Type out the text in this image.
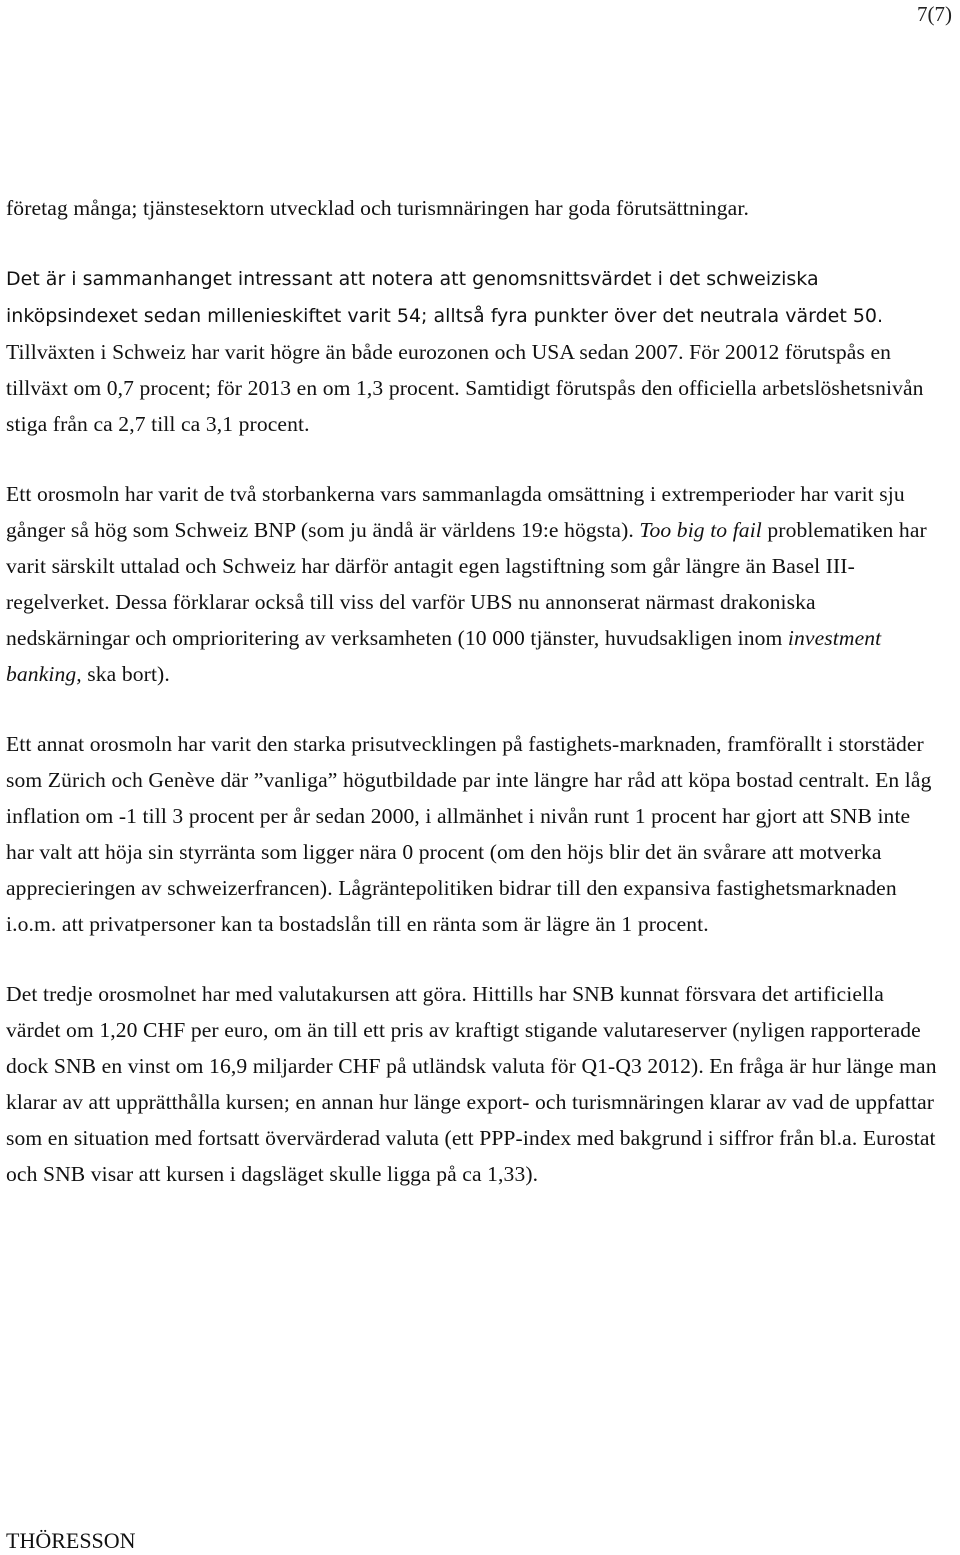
7(7)

företag många; tjänstesektorn utvecklad och turismnäringen har goda förutsättningar.

Det är i sammanhanget intressant att notera att genomsnittsvärdet i det schweiziska inköpsindexet sedan millenieskiftet varit 54; alltså fyra punkter över det neutrala värdet 50. Tillväxten i Schweiz har varit högre än både eurozonen och USA sedan 2007. För 20012 förutspås en tillväxt om 0,7 procent; för 2013 en om 1,3 procent. Samtidigt förutspås den officiella arbetslöshetsnivån stiga från ca 2,7 till ca 3,1 procent.

Ett orosmoln har varit de två storbankerna vars sammanlagda omsättning i extremperioder har varit sju gånger så hög som Schweiz BNP (som ju ändå är världens 19:e högsta). Too big to fail problematiken har varit särskilt uttalad och Schweiz har därför antagit egen lagstiftning som går längre än Basel III-regelverket. Dessa förklarar också till viss del varför UBS nu annonserat närmast drakoniska nedskärningar och omprioritering av verksamheten (10 000 tjänster, huvudsakligen inom investment banking, ska bort).

Ett annat orosmoln har varit den starka prisutvecklingen på fastighets-marknaden, framförallt i storstäder som Zürich och Genève där ”vanliga” högutbildade par inte längre har råd att köpa bostad centralt. En låg inflation om -1 till 3 procent per år sedan 2000, i allmänhet i nivån runt 1 procent har gjort att SNB inte har valt att höja sin styrränta som ligger nära 0 procent (om den höjs blir det än svårare att motverka apprecieringen av schweizerfrancen). Lågräntepolitiken bidrar till den expansiva fastighetsmarknaden i.o.m. att privatpersoner kan ta bostadslån till en ränta som är lägre än 1 procent.

Det tredje orosmolnet har med valutakursen att göra. Hittills har SNB kunnat försvara det artificiella värdet om 1,20 CHF per euro, om än till ett pris av kraftigt stigande valutareserver (nyligen rapporterade dock SNB en vinst om 16,9 miljarder CHF på utländsk valuta för Q1-Q3 2012). En fråga är hur länge man klarar av att upprätthålla kursen; en annan hur länge export- och turismnäringen klarar av vad de uppfattar som en situation med fortsatt övervärderad valuta (ett PPP-index med bakgrund i siffror från bl.a. Eurostat och SNB visar att kursen i dagsläget skulle ligga på ca 1,33).

THÖRESSON
